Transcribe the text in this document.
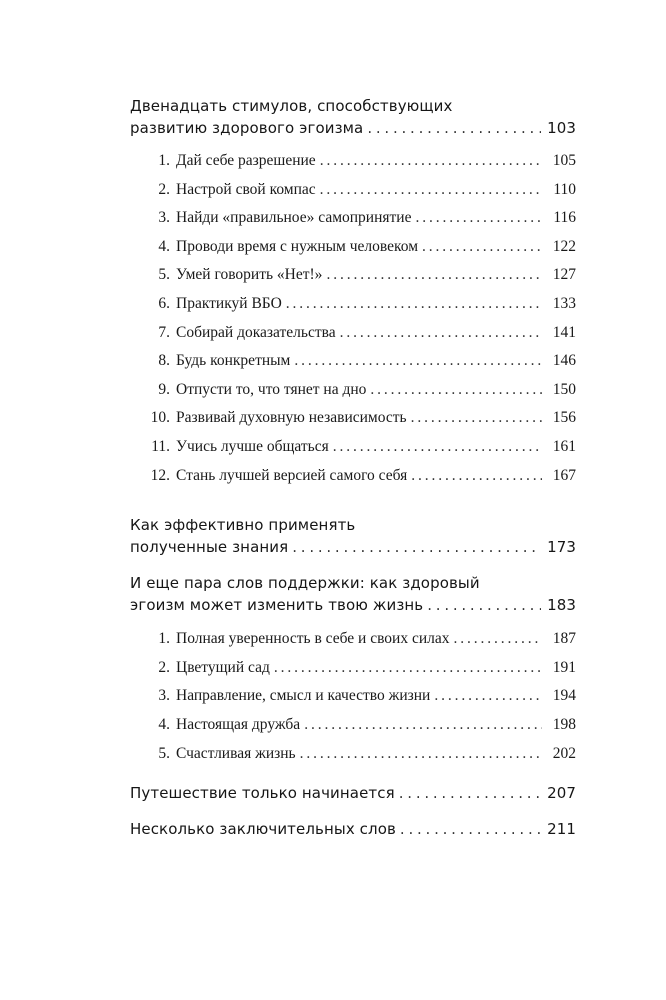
Двенадцать стимулов, способствующих
развитию здорового эгоизма . . .	103
1. Дай себе разрешение . . .	105
2. Настрой свой компас . . .	110
3. Найди «правильное» самопринятие . . .	116
4. Проводи время с нужным человеком . . .	122
5. Умей говорить «Нет!» . . .	127
6. Практикуй ВБО . . .	133
7. Собирай доказательства . . .	141
8. Будь конкретным . . .	146
9. Отпусти то, что тянет на дно . . .	150
10. Развивай духовную независимость . . .	156
11. Учись лучше общаться . . .	161
12. Стань лучшей версией самого себя . . .	167
Как эффективно применять
полученные знания . . .	173
И еще пара слов поддержки: как здоровый
эгоизм может изменить твою жизнь . . .	183
1. Полная уверенность в себе и своих силах . . .	187
2. Цветущий сад . . .	191
3. Направление, смысл и качество жизни . . .	194
4. Настоящая дружба . . .	198
5. Счастливая жизнь . . .	202
Путешествие только начинается . . .	207
Несколько заключительных слов . . .	211
